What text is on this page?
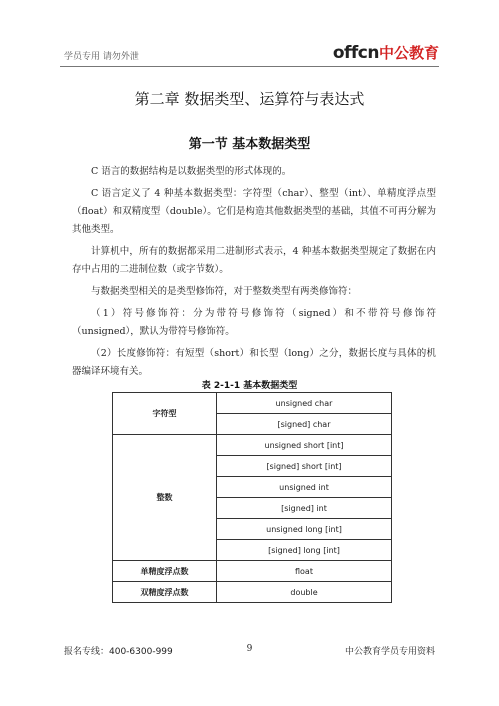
学员专用 请勿外泄	offcn中公教育
第二章 数据类型、运算符与表达式
第一节 基本数据类型

C 语言的数据结构是以数据类型的形式体现的。

C 语言定义了 4 种基本数据类型：字符型（char）、整型（int）、单精度浮点型（float）和双精度型（double）。它们是构造其他数据类型的基础，其值不可再分解为其他类型。

计算机中，所有的数据都采用二进制形式表示，4 种基本数据类型规定了数据在内存中占用的二进制位数（或字节数）。

与数据类型相关的是类型修饰符，对于整数类型有两类修饰符：

（1）符号修饰符：分为带符号修饰符（signed）和不带符号修饰符（unsigned），默认为带符号修饰符。

（2）长度修饰符：有短型（short）和长型（long）之分，数据长度与具体的机器编译环境有关。

表 2-1-1 基本数据类型
字符型	unsigned char
	[signed] char
整数	unsigned short [int]
	[signed] short [int]
	unsigned int
	[signed] int
	unsigned long [int]
	[signed] long [int]
单精度浮点数	float
双精度浮点数	double
报名专线：400-6300-999	9	中公教育学员专用资料
